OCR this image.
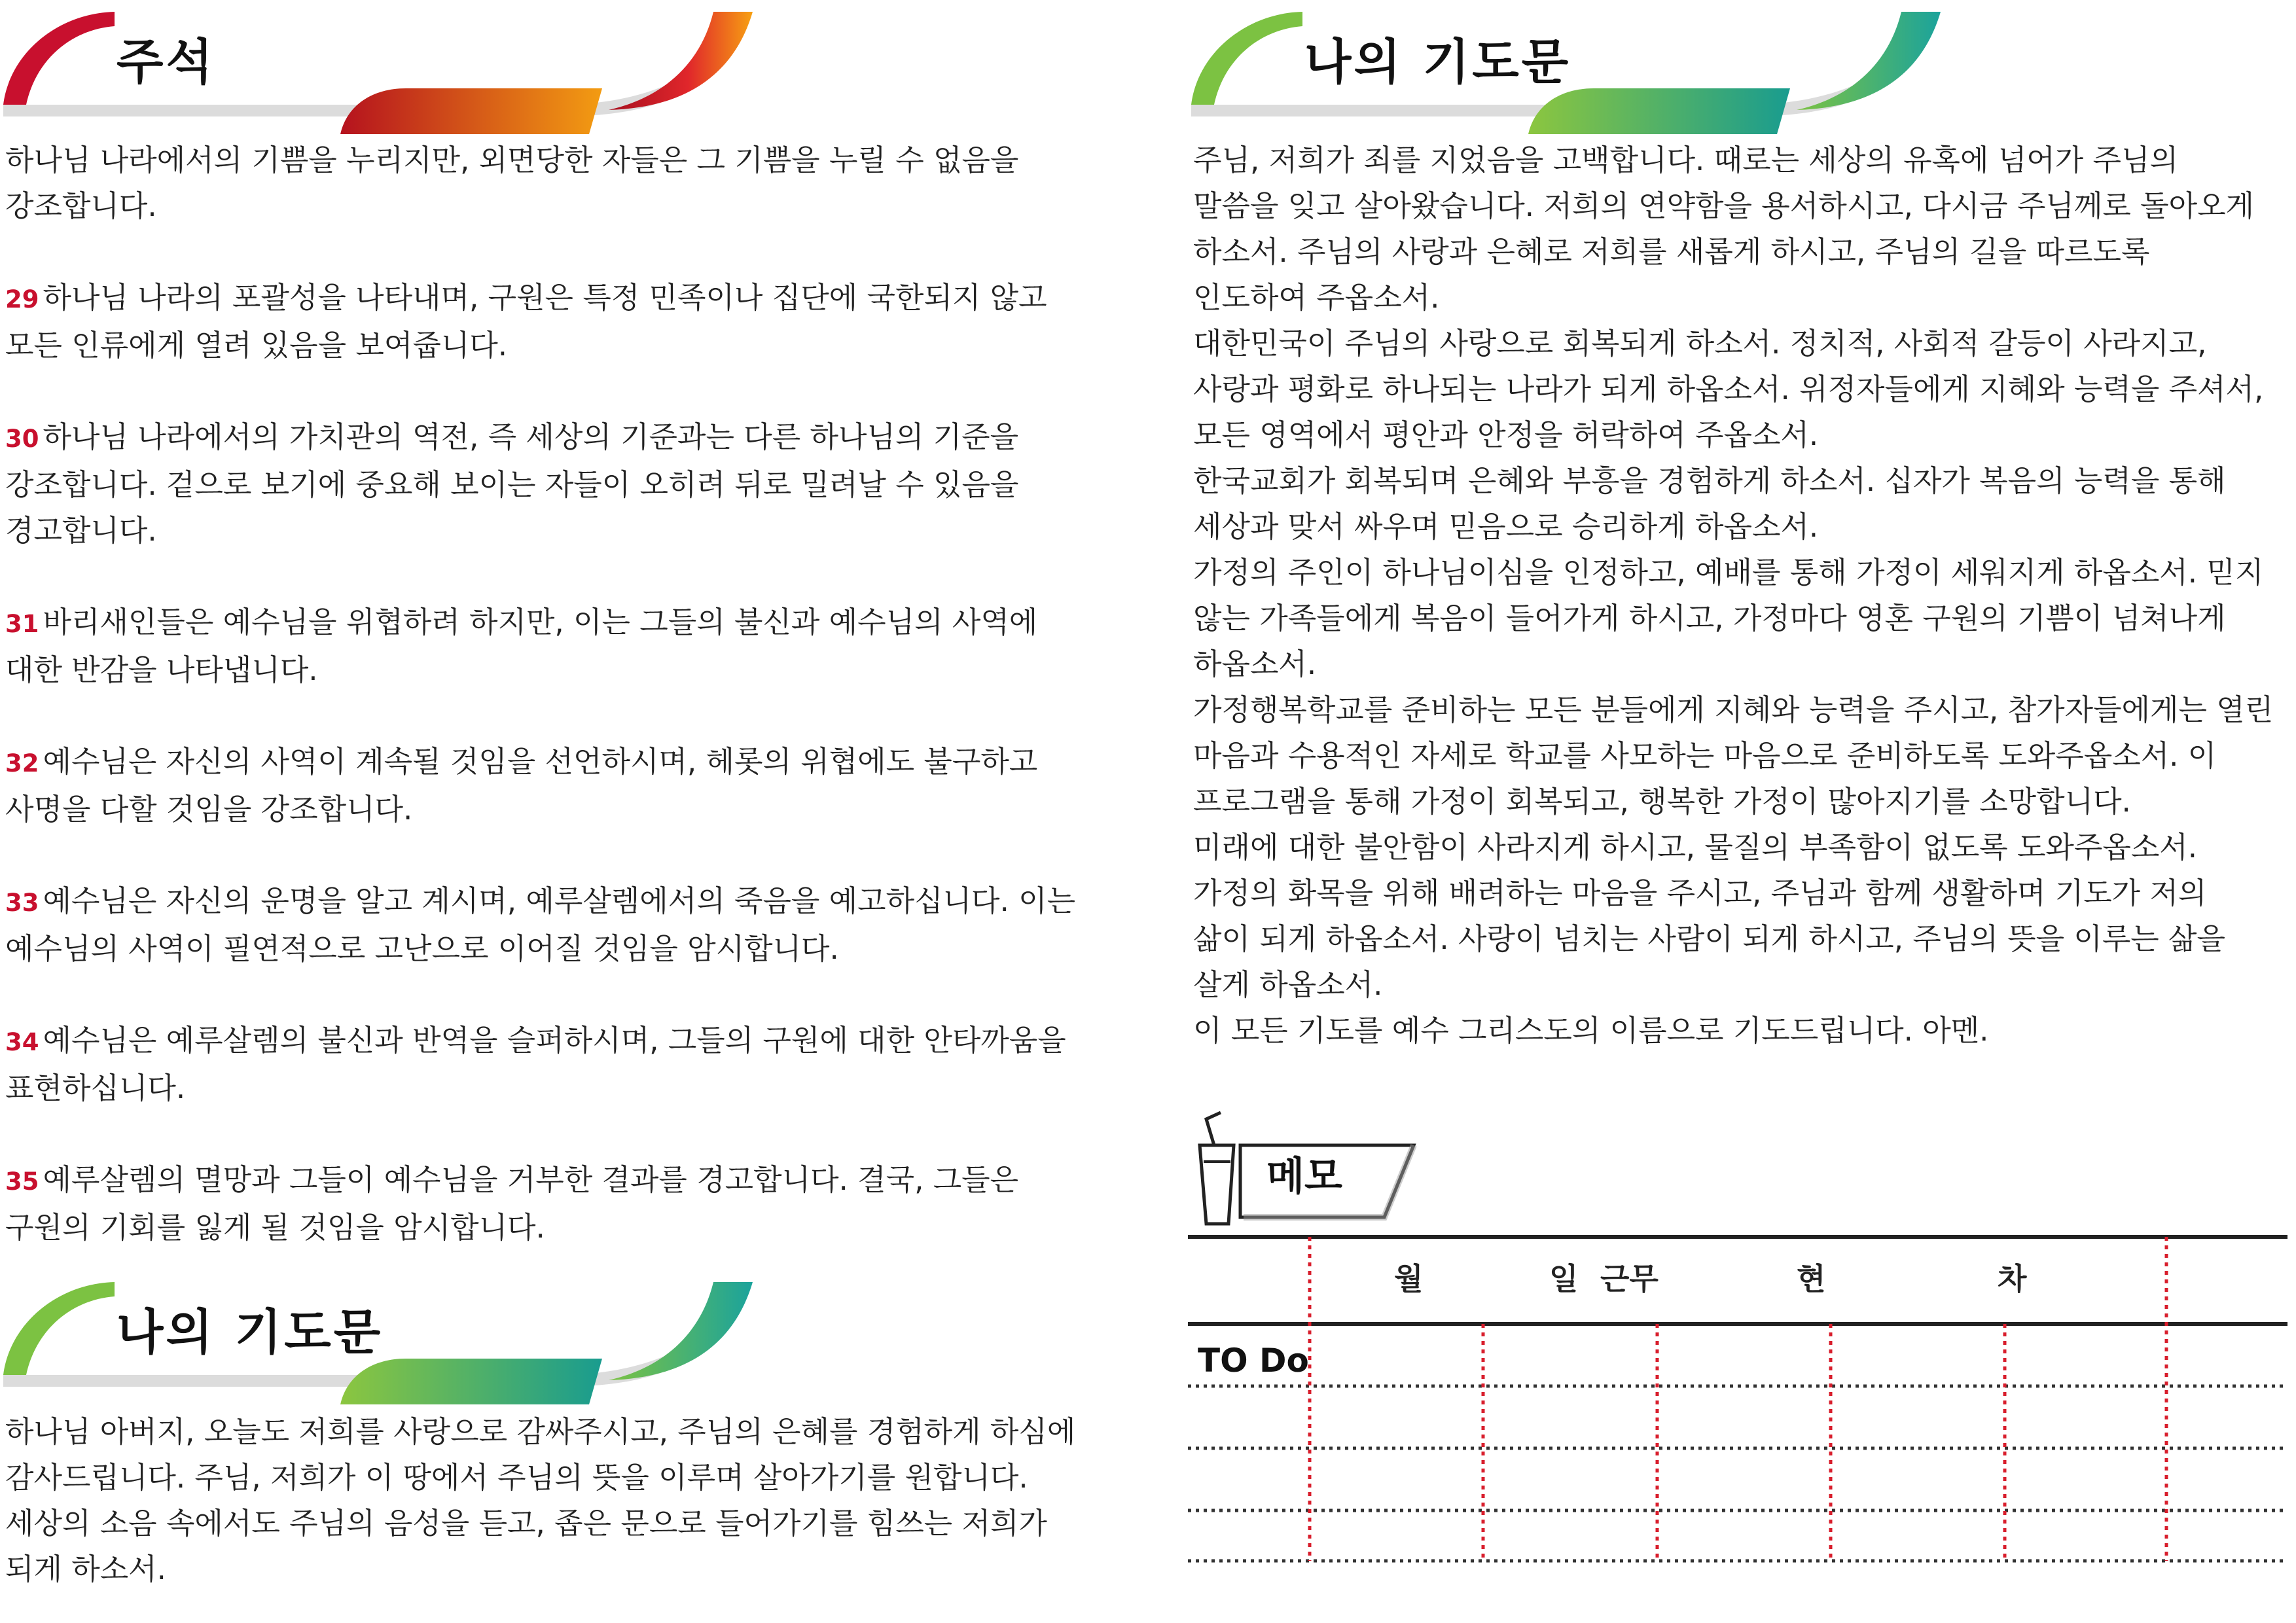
주석
하나님 나라에서의 기쁨을 누리지만, 외면당한 자들은 그 기쁨을 누릴 수 없음을
강조합니다.
29 하나님 나라의 포괄성을 나타내며, 구원은 특정 민족이나 집단에 국한되지 않고
모든 인류에게 열려 있음을 보여줍니다.
30 하나님 나라에서의 가치관의 역전, 즉 세상의 기준과는 다른 하나님의 기준을
강조합니다. 겉으로 보기에 중요해 보이는 자들이 오히려 뒤로 밀려날 수 있음을
경고합니다.
31 바리새인들은 예수님을 위협하려 하지만, 이는 그들의 불신과 예수님의 사역에
대한 반감을 나타냅니다.
32 예수님은 자신의 사역이 계속될 것임을 선언하시며, 헤롯의 위협에도 불구하고
사명을 다할 것임을 강조합니다.
33 예수님은 자신의 운명을 알고 계시며, 예루살렘에서의 죽음을 예고하십니다. 이는
예수님의 사역이 필연적으로 고난으로 이어질 것임을 암시합니다.
34 예수님은 예루살렘의 불신과 반역을 슬퍼하시며, 그들의 구원에 대한 안타까움을
표현하십니다.
35 예루살렘의 멸망과 그들이 예수님을 거부한 결과를 경고합니다. 결국, 그들은
구원의 기회를 잃게 될 것임을 암시합니다.
나의 기도문
하나님 아버지, 오늘도 저희를 사랑으로 감싸주시고, 주님의 은혜를 경험하게 하심에
감사드립니다. 주님, 저희가 이 땅에서 주님의 뜻을 이루며 살아가기를 원합니다.
세상의 소음 속에서도 주님의 음성을 듣고, 좁은 문으로 들어가기를 힘쓰는 저희가
되게 하소서.
나의 기도문
주님, 저희가 죄를 지었음을 고백합니다. 때로는 세상의 유혹에 넘어가 주님의
말씀을 잊고 살아왔습니다. 저희의 연약함을 용서하시고, 다시금 주님께로 돌아오게
하소서. 주님의 사랑과 은혜로 저희를 새롭게 하시고, 주님의 길을 따르도록
인도하여 주옵소서.
대한민국이 주님의 사랑으로 회복되게 하소서. 정치적, 사회적 갈등이 사라지고,
사랑과 평화로 하나되는 나라가 되게 하옵소서. 위정자들에게 지혜와 능력을 주셔서,
모든 영역에서 평안과 안정을 허락하여 주옵소서.
한국교회가 회복되며 은혜와 부흥을 경험하게 하소서. 십자가 복음의 능력을 통해
세상과 맞서 싸우며 믿음으로 승리하게 하옵소서.
가정의 주인이 하나님이심을 인정하고, 예배를 통해 가정이 세워지게 하옵소서. 믿지
않는 가족들에게 복음이 들어가게 하시고, 가정마다 영혼 구원의 기쁨이 넘쳐나게
하옵소서.
가정행복학교를 준비하는 모든 분들에게 지혜와 능력을 주시고, 참가자들에게는 열린
마음과 수용적인 자세로 학교를 사모하는 마음으로 준비하도록 도와주옵소서. 이
프로그램을 통해 가정이 회복되고, 행복한 가정이 많아지기를 소망합니다.
미래에 대한 불안함이 사라지게 하시고, 물질의 부족함이 없도록 도와주옵소서.
가정의 화목을 위해 배려하는 마음을 주시고, 주님과 함께 생활하며 기도가 저의
삶이 되게 하옵소서. 사랑이 넘치는 사람이 되게 하시고, 주님의 뜻을 이루는 삶을
살게 하옵소서.
이 모든 기도를 예수 그리스도의 이름으로 기도드립니다. 아멘.
메모
월	일 근무	현	차
TO Do
